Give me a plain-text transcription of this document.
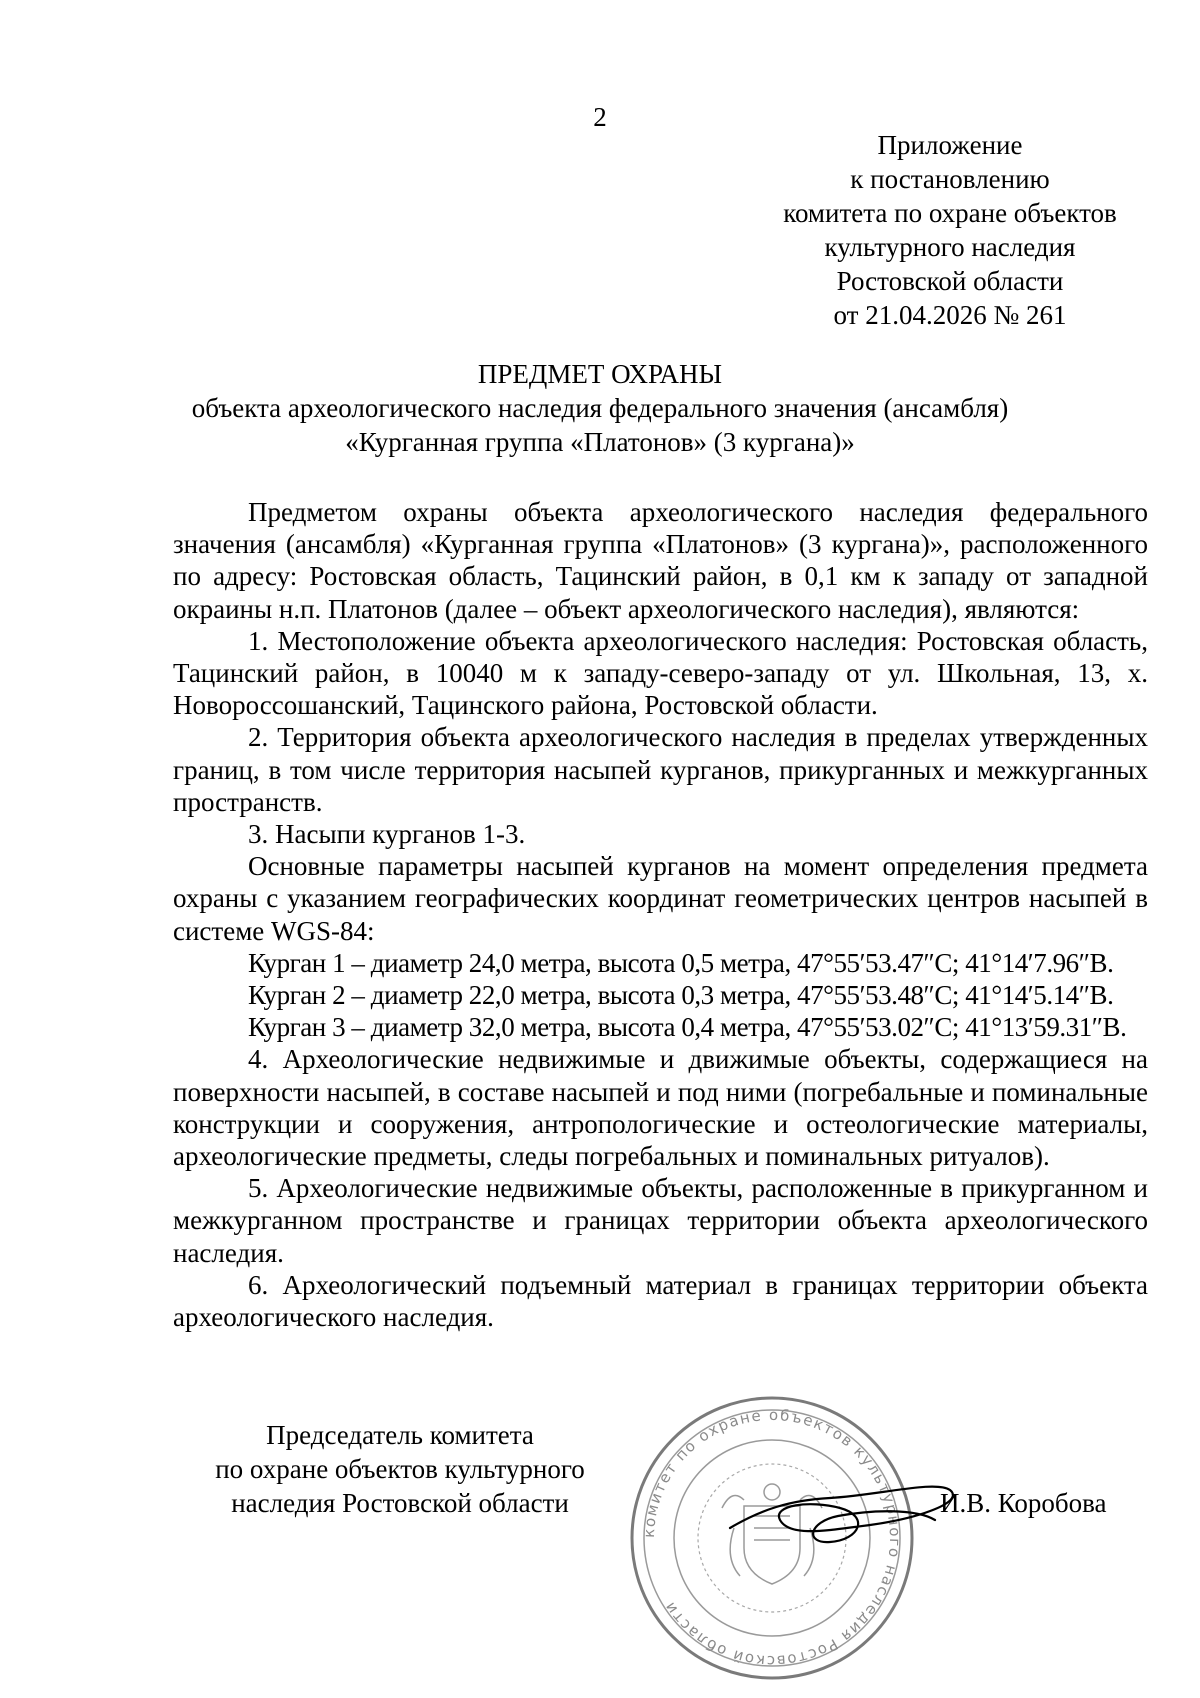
2
Приложение
к постановлению
комитета по охране объектов
культурного наследия
Ростовской области
от 21.04.2026 № 261
ПРЕДМЕТ ОХРАНЫ
объекта археологического наследия федерального значения (ансамбля)
«Курганная группа «Платонов» (3 кургана)»

Предметом охраны объекта археологического наследия федерального значения (ансамбля) «Курганная группа «Платонов» (3 кургана)», расположенного по адресу: Ростовская область, Тацинский район, в 0,1 км к западу от западной окраины н.п. Платонов (далее – объект археологического наследия), являются:

1. Местоположение объекта археологического наследия: Ростовская область, Тацинский район, в 10040 м к западу-северо-западу от ул. Школьная, 13, х. Новороссошанский, Тацинского района, Ростовской области.

2. Территория объекта археологического наследия в пределах утвержденных границ, в том числе территория насыпей курганов, прикурганных и межкурганных пространств.

3. Насыпи курганов 1-3.

Основные параметры насыпей курганов на момент определения предмета охраны с указанием географических координат геометрических центров насыпей в системе WGS-84:

Курган 1 – диаметр 24,0 метра, высота 0,5 метра, 47°55′53.47″С; 41°14′7.96″В.

Курган 2 – диаметр 22,0 метра, высота 0,3 метра, 47°55′53.48″С; 41°14′5.14″В.

Курган 3 – диаметр 32,0 метра, высота 0,4 метра, 47°55′53.02″С; 41°13′59.31″В.

4. Археологические недвижимые и движимые объекты, содержащиеся на поверхности насыпей, в составе насыпей и под ними (погребальные и поминальные конструкции и сооружения, антропологические и остеологические материалы, археологические предметы, следы погребальных и поминальных ритуалов).

5. Археологические недвижимые объекты, расположенные в прикурганном и межкурганном пространстве и границах территории объекта археологического наследия.

6. Археологический подъемный материал в границах территории объекта археологического наследия.

Председатель комитета
по охране объектов культурного
наследия Ростовской области
комитет по охране объектов культурного наследия Ростовской области
И.В. Коробова
